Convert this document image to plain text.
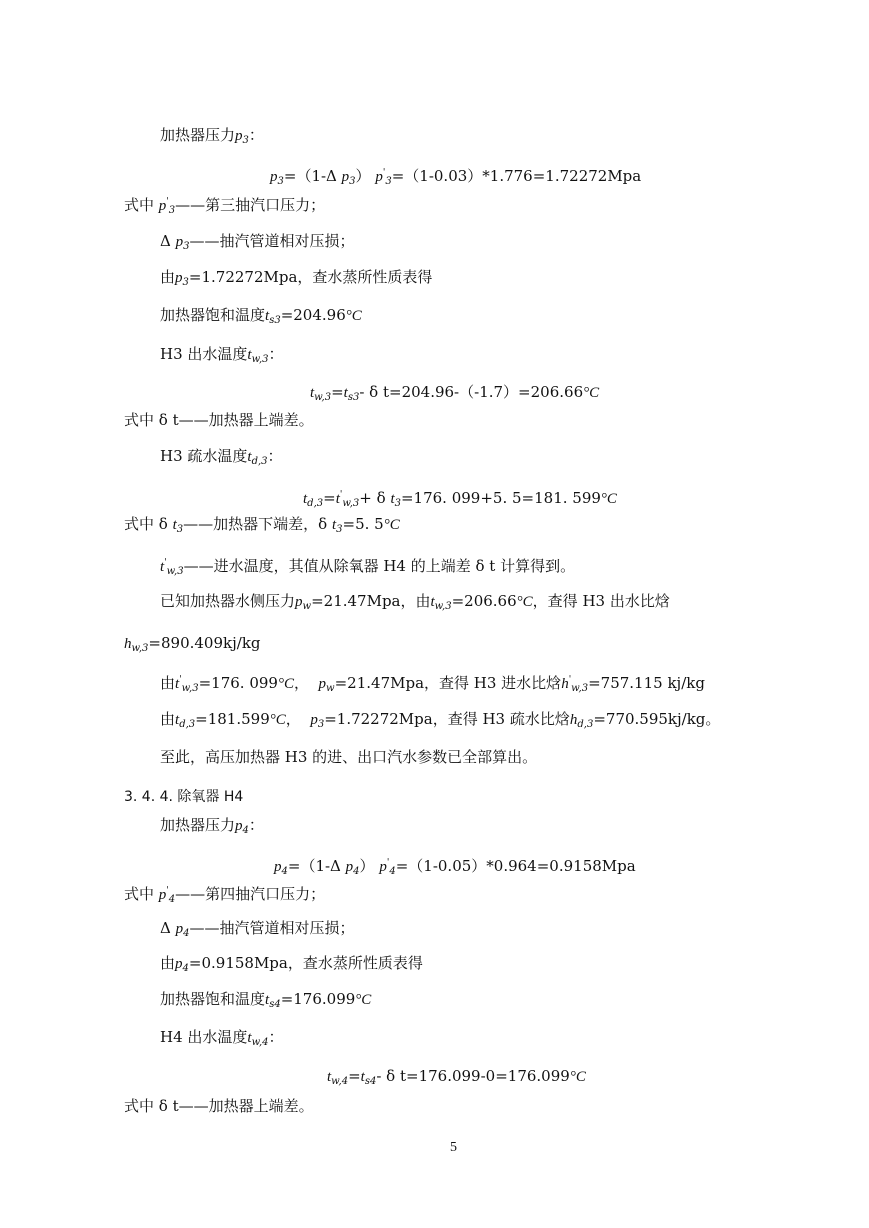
加热器压力$p_3$：
$p_3=(1-\Delta$ $p_3$） $p'_3=(1-0.03)*1.776=1.72272Mpa$
式中 $p'_3——$第三抽汽口压力；
Δ $p_3——$抽汽管道相对压损；
由$p_3=1.72272Mpa$，查水蒸所性质表得
加热器饱和温度$t_{s3}=204.96^\circ C$
H3 出水温度$t_{w,3}$：
$t_{w,3}=t_{s3}-$ δ t=204.96-（-1.7）=206.66°C
式中 δ t——加热器上端差。
H3 疏水温度$t_{d,3}$：
$t_{d,3}=t'_{w,3}+ \delta$ $t_3=176$. 099+5. 5=181. 599°C
式中 δ $t_3——$加热器下端差，δ $t_3=5$. 5°C
$t'_{w,3}——$进水温度，其值从除氧器 H4 的上端差 δ t 计算得到。
已知加热器水侧压力$p_w=21.47Mpa$，由$t_{w,3}=206.66^\circ C$，查得 H3 出水比焓
$h_{w,3}=890.409kj/kg$
由$t'_{w,3}=176$. 099°C， $p_w=21.47Mpa$，查得 H3 进水比焓$h'_{w,3}=757.115$ kj/kg
由$t_{d,3}=181.599^\circ C$， $p_3=1.72272Mpa$，查得 H3 疏水比焓$h_{d,3}=770.595kj/kg$。
至此，高压加热器 H3 的进、出口汽水参数已全部算出。
3. 4. 4. 除氧器 H4
加热器压力$p_4$：
$p_4=(1-\Delta$ $p_4$） $p'_4=(1-0.05)*0.964=0.9158Mpa$
式中 $p'_4——$第四抽汽口压力；
Δ $p_4——$抽汽管道相对压损；
由$p_4=0.9158Mpa$，查水蒸所性质表得
加热器饱和温度$t_{s4}=176.099^\circ C$
H4 出水温度$t_{w,4}$：
$t_{w,4}=t_{s4}-$ δ t=176.099-0=176.099°C
式中 δ t——加热器上端差。
5
